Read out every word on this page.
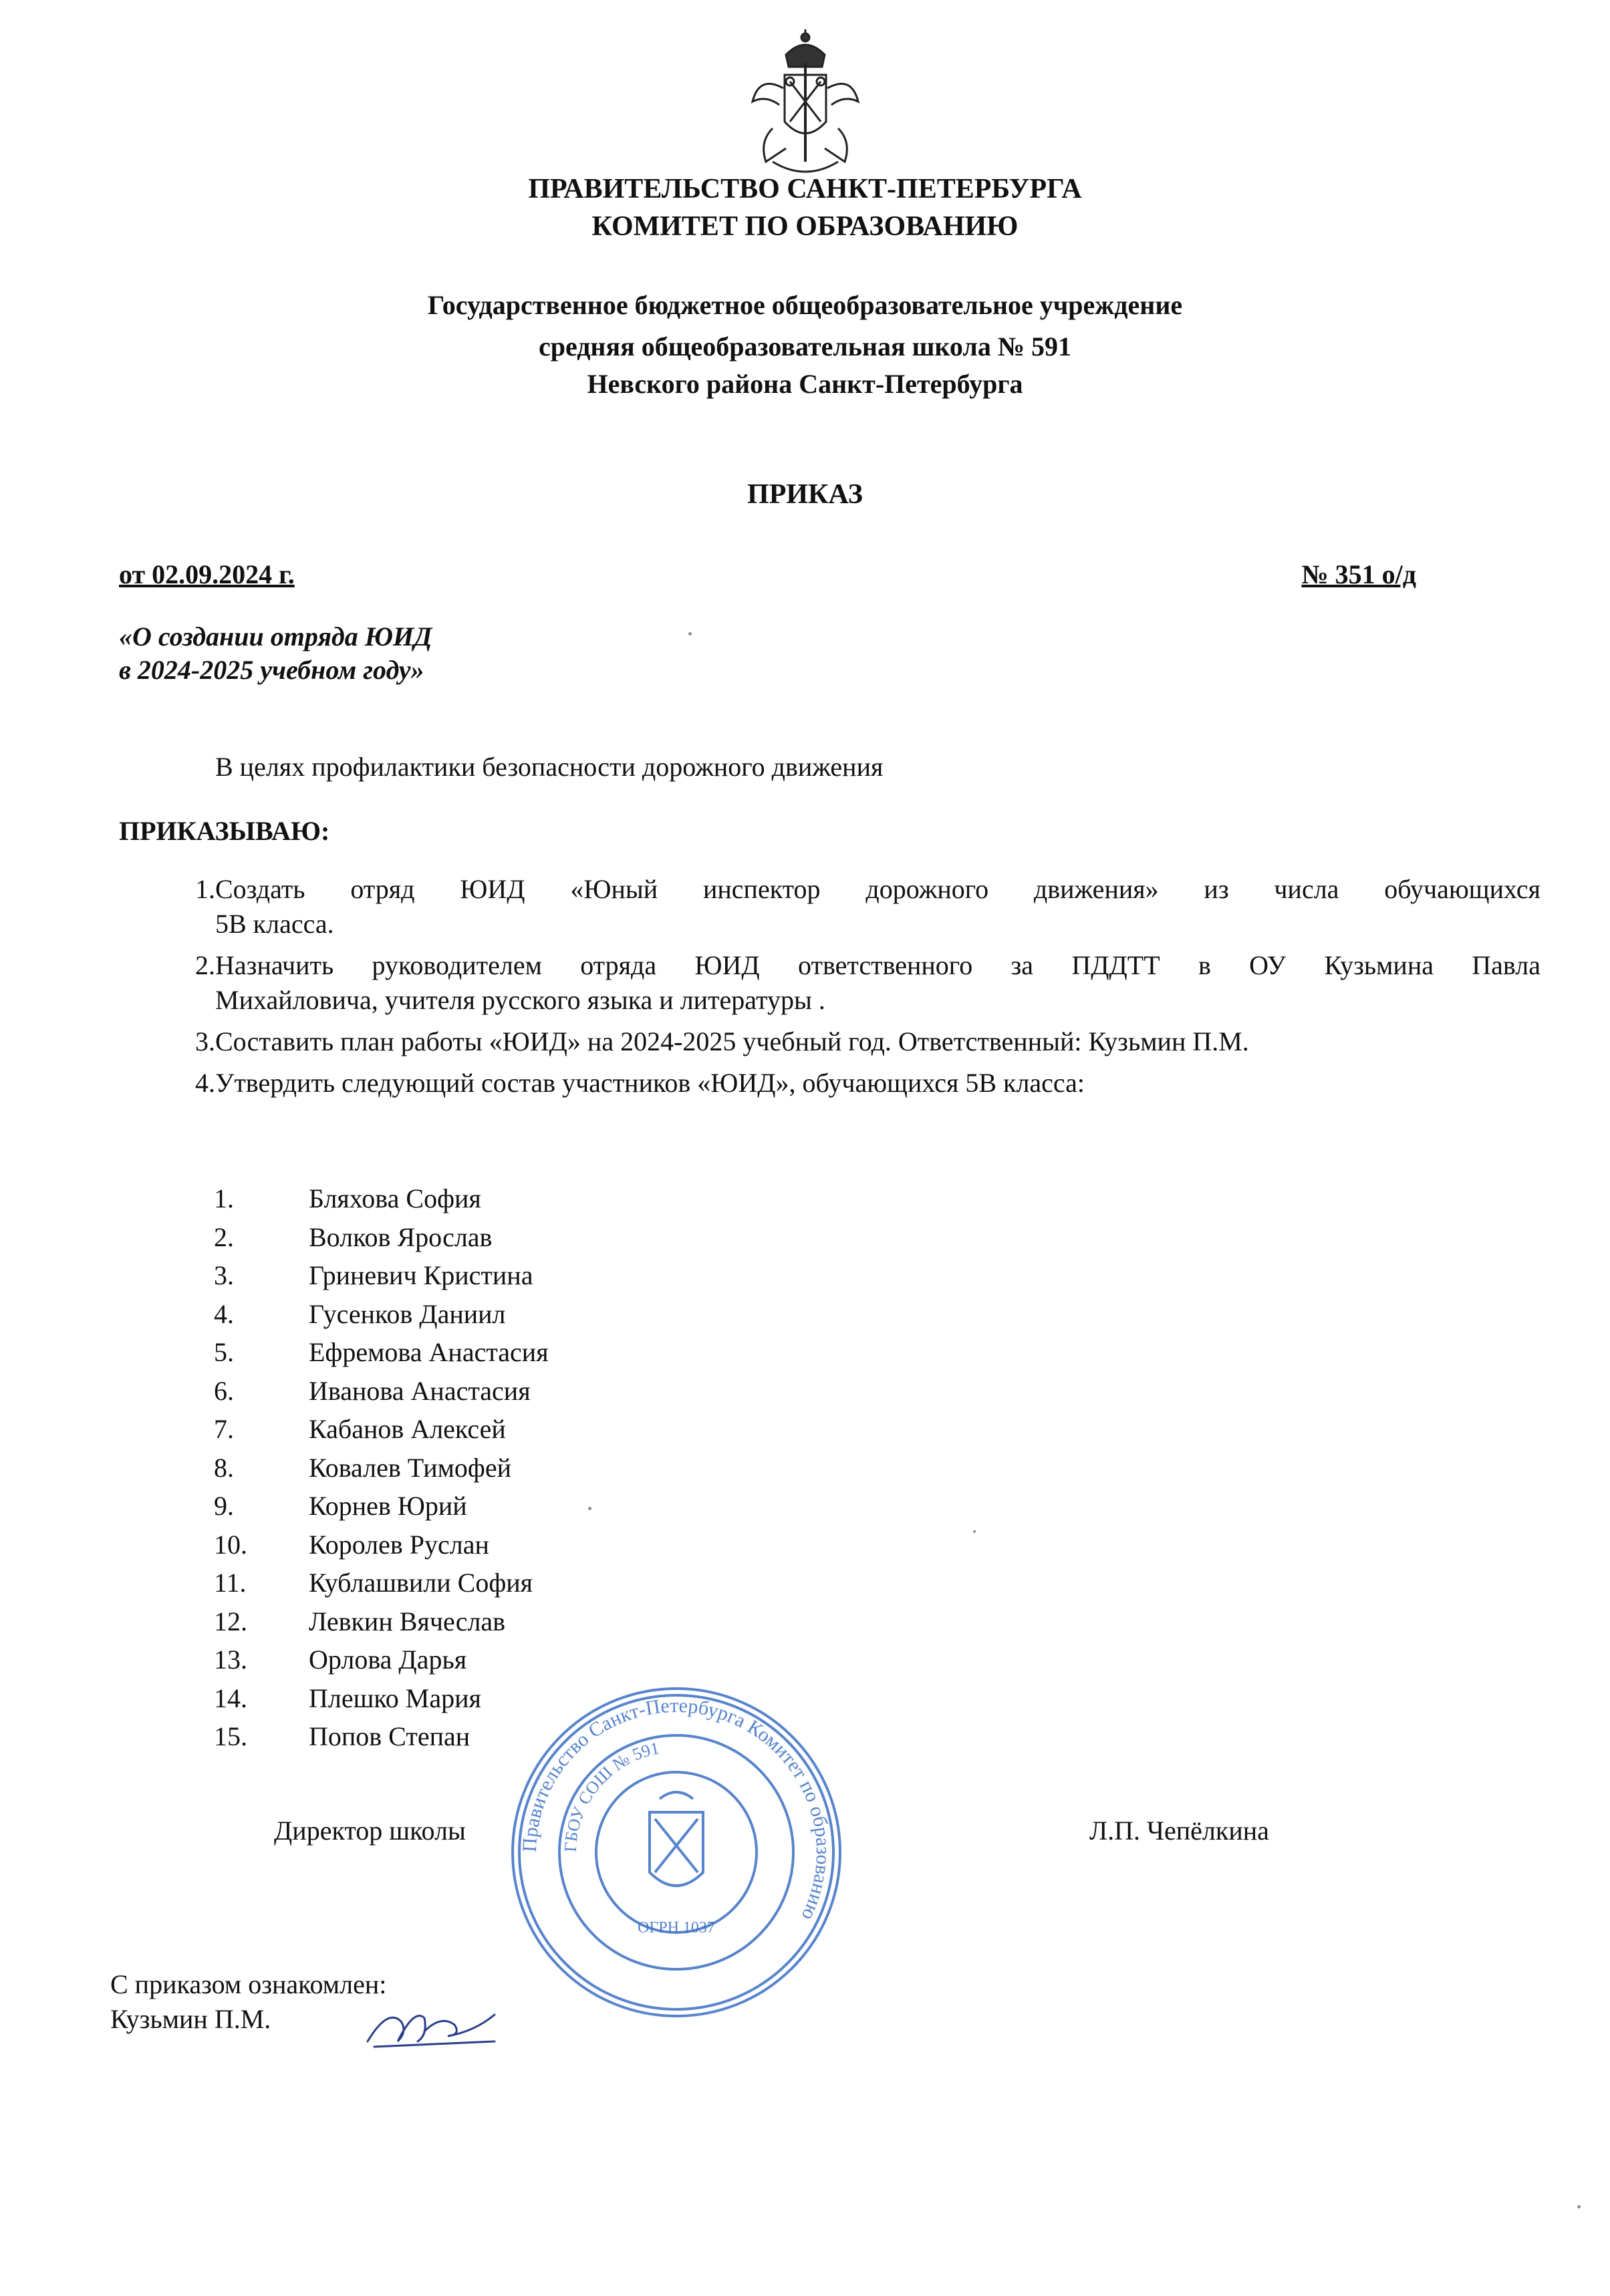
ПРАВИТЕЛЬСТВО САНКТ-ПЕТЕРБУРГА
КОМИТЕТ ПО ОБРАЗОВАНИЮ
Государственное бюджетное общеобразовательное учреждение
средняя общеобразовательная школа № 591
Невского района Санкт-Петербурга
ПРИКАЗ
от 02.09.2024 г.	№ 351 о/д
«О создании отряда ЮИД
в 2024-2025 учебном году»
В целях профилактики безопасности дорожного движения
ПРИКАЗЫВАЮ:
1. Создать отряд ЮИД «Юный инспектор дорожного движения» из числа обучающихся
5В класса.
2. Назначить руководителем отряда ЮИД ответственного за ПДДТТ в ОУ Кузьмина Павла
Михайловича, учителя русского языка и литературы .
3. Составить план работы «ЮИД» на 2024-2025 учебный год. Ответственный: Кузьмин П.М.
4. Утвердить следующий состав участников «ЮИД», обучающихся 5В класса:
1.	Бляхова София
2.	Волков Ярослав
3.	Гриневич Кристина
4.	Гусенков Даниил
5.	Ефремова Анастасия
6.	Иванова Анастасия
7.	Кабанов Алексей
8.	Ковалев Тимофей
9.	Корнев Юрий
10.	Королев Руслан
11.	Кублашвили София
12.	Левкин Вячеслав
13.	Орлова Дарья
14.	Плешко Мария
15.	Попов Степан
Правительство Санкт-Петербурга Комитет по образованию
ГБОУ СОШ № 591
ОГРН 1037
Директор школы	Л.П. Чепёлкина
С приказом ознакомлен:
Кузьмин П.М.
